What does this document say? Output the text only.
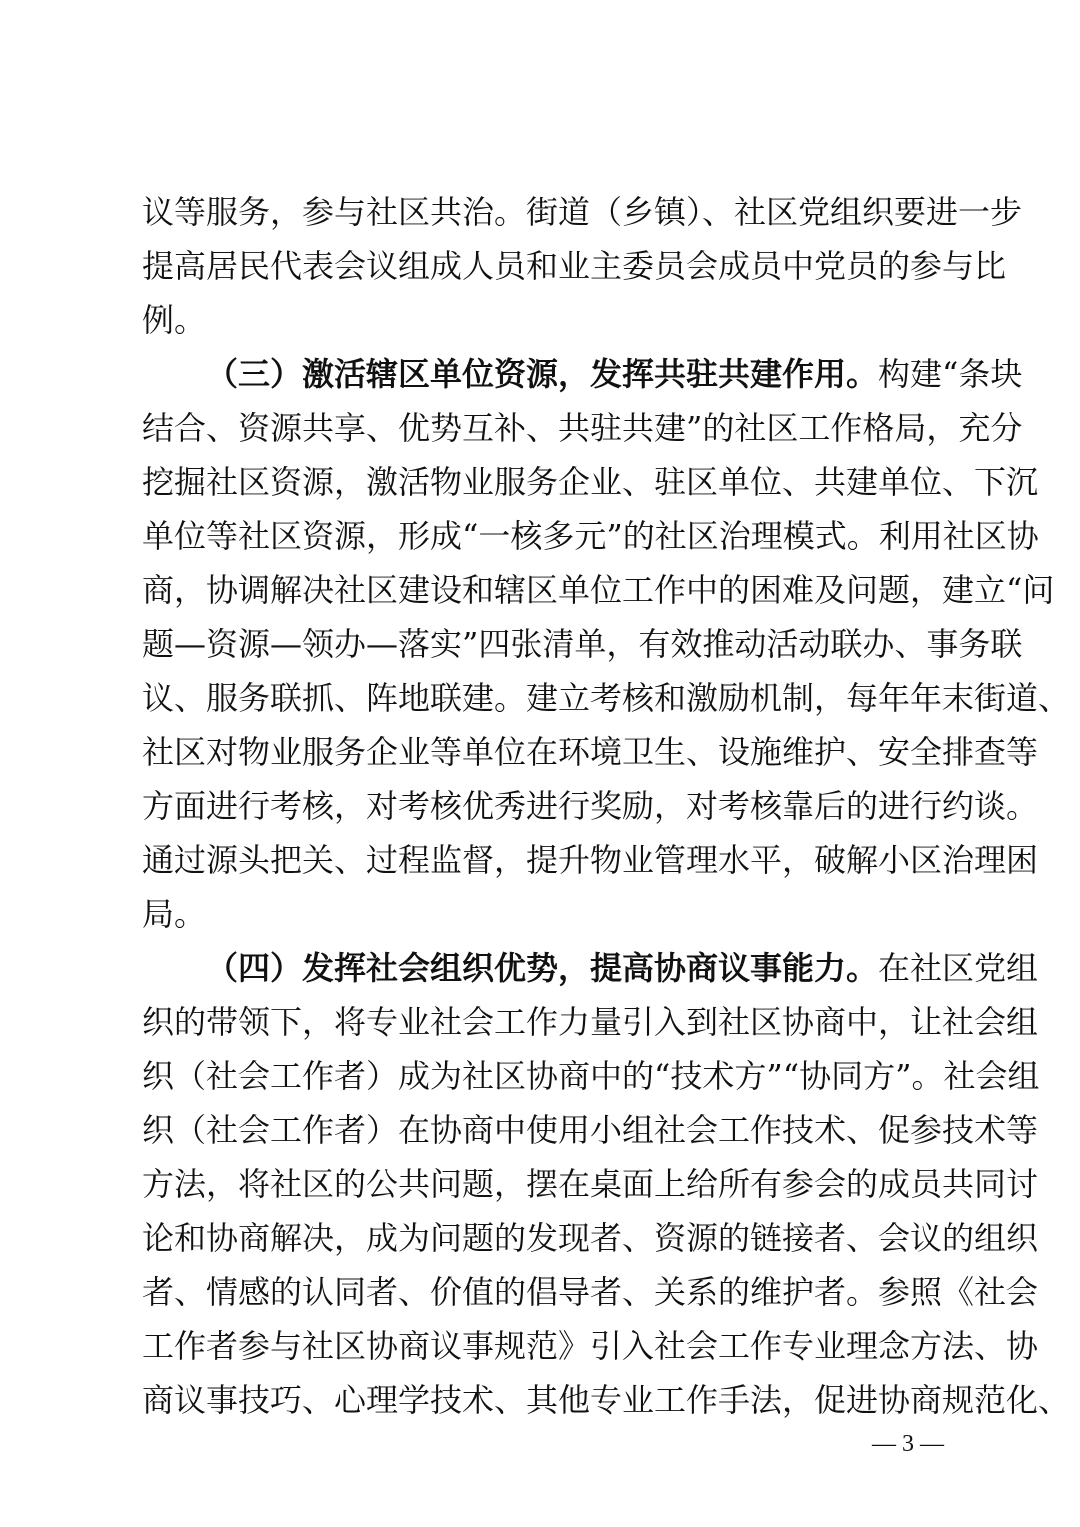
议等服务，参与社区共治。街道（乡镇）、社区党组织要进一步
提高居民代表会议组成人员和业主委员会成员中党员的参与比
例。
（三）激活辖区单位资源，发挥共驻共建作用。构建“条块
结合、资源共享、优势互补、共驻共建”的社区工作格局，充分
挖掘社区资源，激活物业服务企业、驻区单位、共建单位、下沉
单位等社区资源，形成“一核多元”的社区治理模式。利用社区协
商，协调解决社区建设和辖区单位工作中的困难及问题，建立“问
题—资源—领办—落实”四张清单，有效推动活动联办、事务联
议、服务联抓、阵地联建。建立考核和激励机制，每年年末街道、
社区对物业服务企业等单位在环境卫生、设施维护、安全排查等
方面进行考核，对考核优秀进行奖励，对考核靠后的进行约谈。
通过源头把关、过程监督，提升物业管理水平，破解小区治理困
局。
（四）发挥社会组织优势，提高协商议事能力。在社区党组
织的带领下，将专业社会工作力量引入到社区协商中，让社会组
织（社会工作者）成为社区协商中的“技术方”“协同方”。社会组
织（社会工作者）在协商中使用小组社会工作技术、促参技术等
方法，将社区的公共问题，摆在桌面上给所有参会的成员共同讨
论和协商解决，成为问题的发现者、资源的链接者、会议的组织
者、情感的认同者、价值的倡导者、关系的维护者。参照《社会
工作者参与社区协商议事规范》引入社会工作专业理念方法、协
商议事技巧、心理学技术、其他专业工作手法，促进协商规范化、
— 3 —
